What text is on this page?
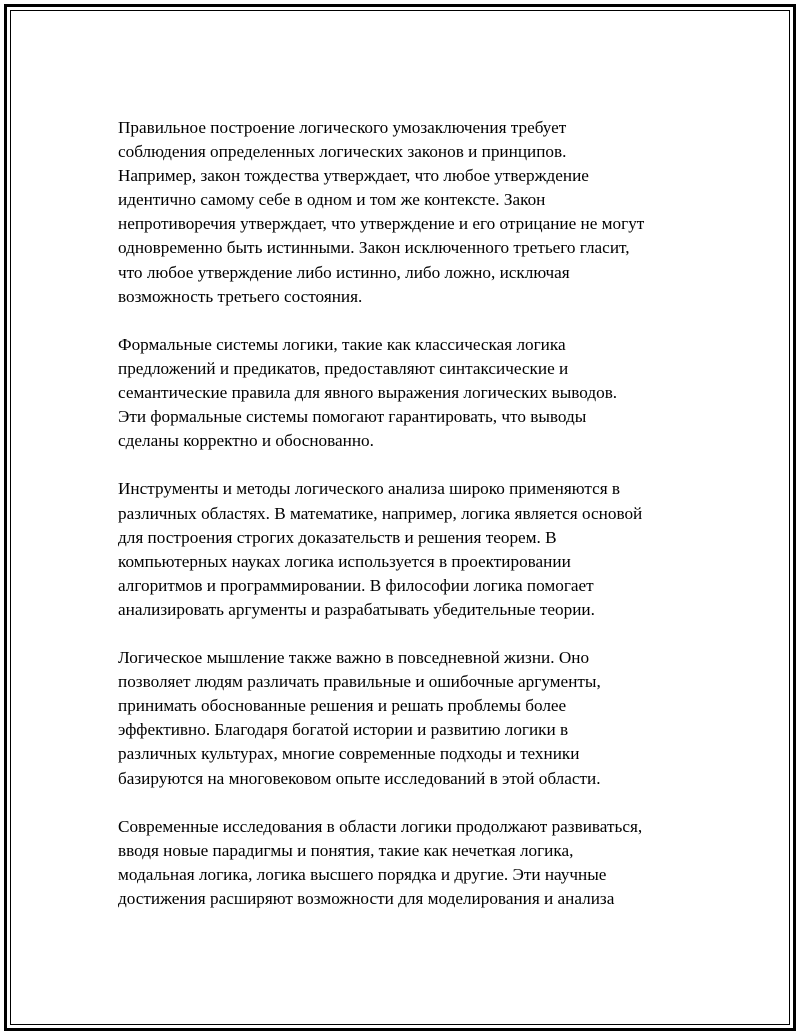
Правильное построение логического умозаключения требует
соблюдения определенных логических законов и принципов.
Например, закон тождества утверждает, что любое утверждение
идентично самому себе в одном и том же контексте. Закон
непротиворечия утверждает, что утверждение и его отрицание не могут
одновременно быть истинными. Закон исключенного третьего гласит,
что любое утверждение либо истинно, либо ложно, исключая
возможность третьего состояния.

Формальные системы логики, такие как классическая логика
предложений и предикатов, предоставляют синтаксические и
семантические правила для явного выражения логических выводов.
Эти формальные системы помогают гарантировать, что выводы
сделаны корректно и обоснованно.

Инструменты и методы логического анализа широко применяются в
различных областях. В математике, например, логика является основой
для построения строгих доказательств и решения теорем. В
компьютерных науках логика используется в проектировании
алгоритмов и программировании. В философии логика помогает
анализировать аргументы и разрабатывать убедительные теории.

Логическое мышление также важно в повседневной жизни. Оно
позволяет людям различать правильные и ошибочные аргументы,
принимать обоснованные решения и решать проблемы более
эффективно. Благодаря богатой истории и развитию логики в
различных культурах, многие современные подходы и техники
базируются на многовековом опыте исследований в этой области.

Современные исследования в области логики продолжают развиваться,
вводя новые парадигмы и понятия, такие как нечеткая логика,
модальная логика, логика высшего порядка и другие. Эти научные
достижения расширяют возможности для моделирования и анализа
